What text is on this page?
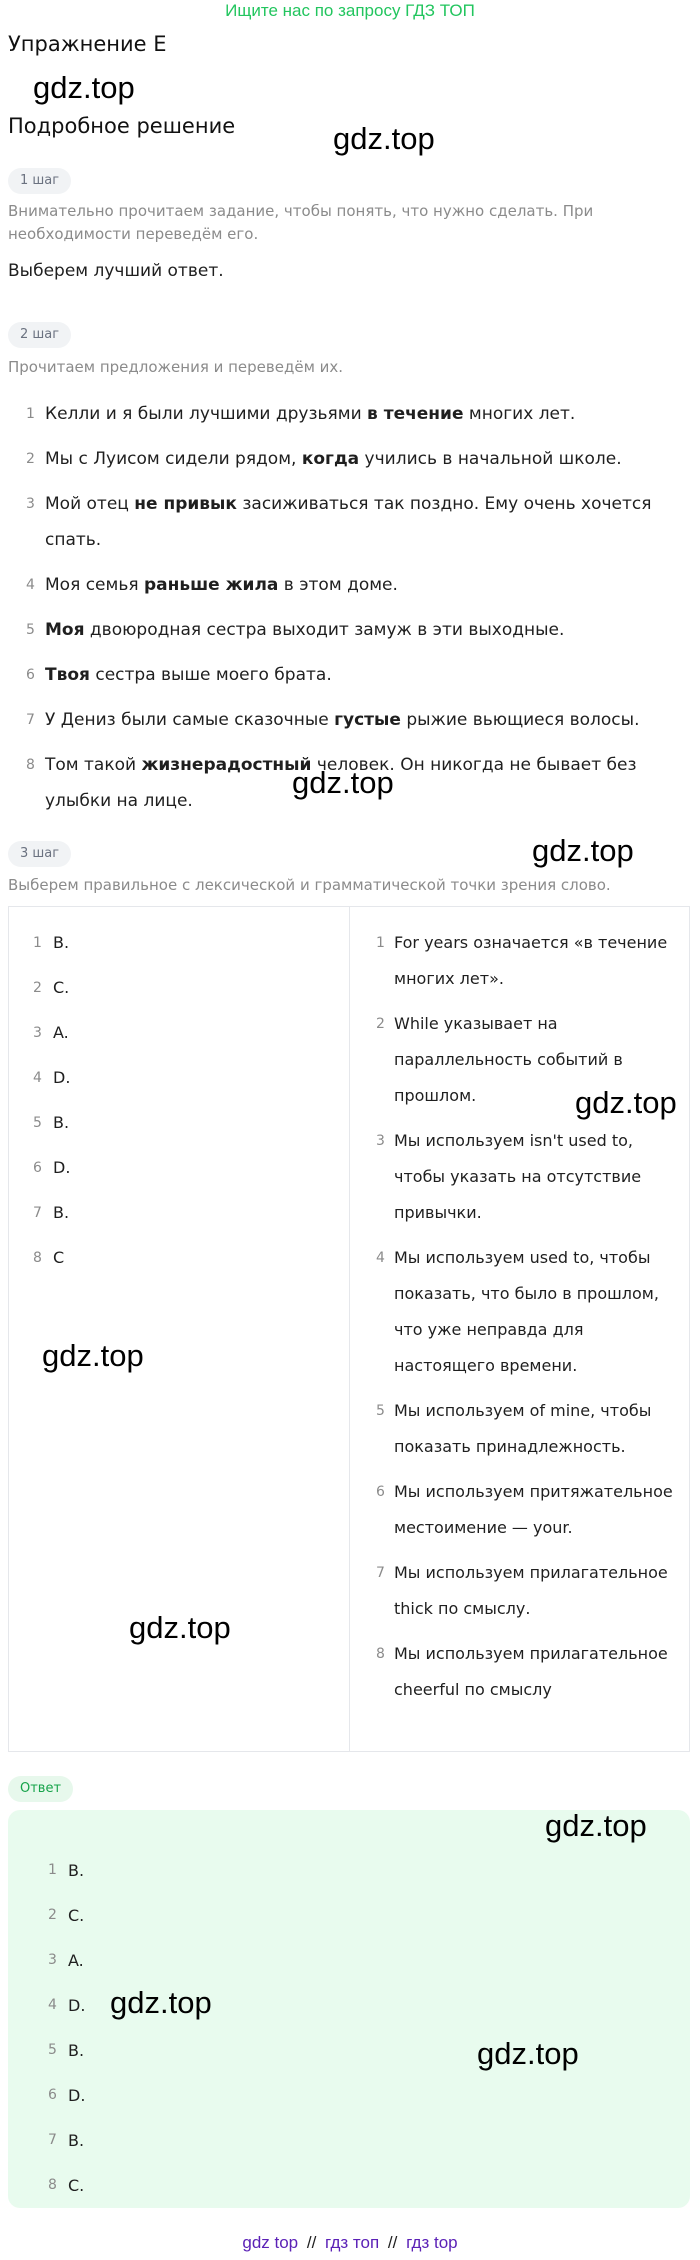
Ищите нас по запросу ГДЗ ТОП
Упражнение E
gdz.top
Подробное решение	gdz.top
1 шаг
Внимательно прочитаем задание, чтобы понять, что нужно сделать. При необходимости переведём его.
Выберем лучший ответ.
2 шаг
Прочитаем предложения и переведём их.
1 Келли и я были лучшими друзьями в течение многих лет.
2 Мы с Луисом сидели рядом, когда учились в начальной школе.
3 Мой отец не привык засиживаться так поздно. Ему очень хочется спать.
4 Моя семья раньше жила в этом доме.
5 Моя двоюродная сестра выходит замуж в эти выходные.
6 Твоя сестра выше моего брата.
7 У Дениз были самые сказочные густые рыжие вьющиеся волосы.
8 Том такой жизнерадостный человек. Он никогда не бывает без улыбки на лице.
gdz.top
3 шаг	gdz.top
Выберем правильное с лексической и грамматической точки зрения слово.
1 B.
2 C.
3 A.
4 D.
5 B.
6 D.
7 B.
8 C
1 For years означается «в течение многих лет».
2 While указывает на параллельность событий в прошлом.
3 Мы используем isn't used to, чтобы указать на отсутствие привычки.
4 Мы используем used to, чтобы показать, что было в прошлом, что уже неправда для настоящего времени.
5 Мы используем of mine, чтобы показать принадлежность.
6 Мы используем притяжательное местоимение — your.
7 Мы используем прилагательное thick по смыслу.
8 Мы используем прилагательное cheerful по смыслу
gdz.top
gdz.top
gdz.top
Ответ
1 B.
2 C.
3 A.
4 D.
5 B.
6 D.
7 B.
8 C.
gdz.top
gdz.top
gdz.top
gdz top // гдз топ // гдз top
